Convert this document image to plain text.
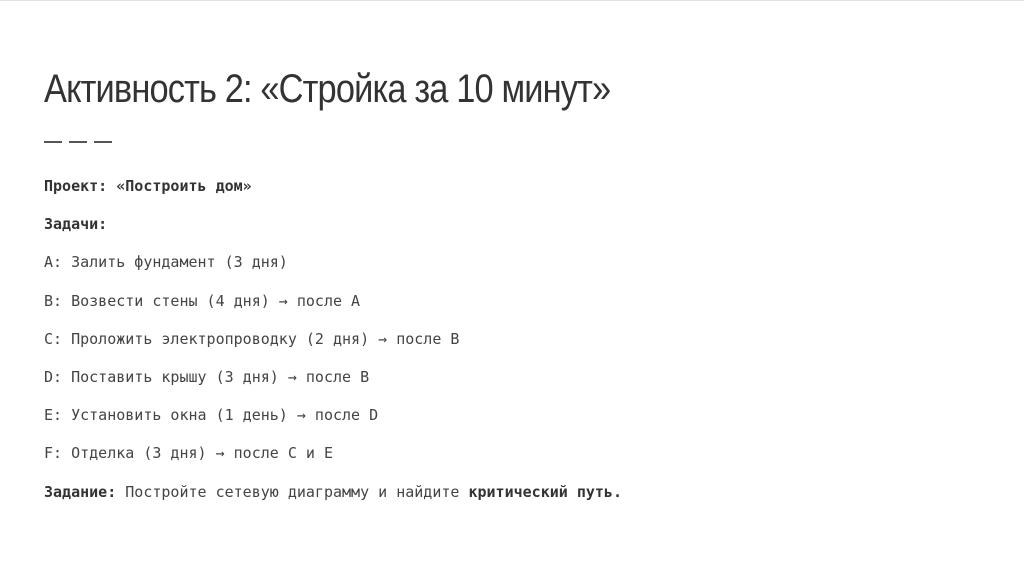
Активность 2: «Стройка за 10 минут»
Проект: «Построить дом»
Задачи:
A: Залить фундамент (3 дня)
B: Возвести стены (4 дня) → после A
C: Проложить электропроводку (2 дня) → после B
D: Поставить крышу (3 дня) → после B
E: Установить окна (1 день) → после D
F: Отделка (3 дня) → после C и E
Задание: Постройте сетевую диаграмму и найдите критический путь.
